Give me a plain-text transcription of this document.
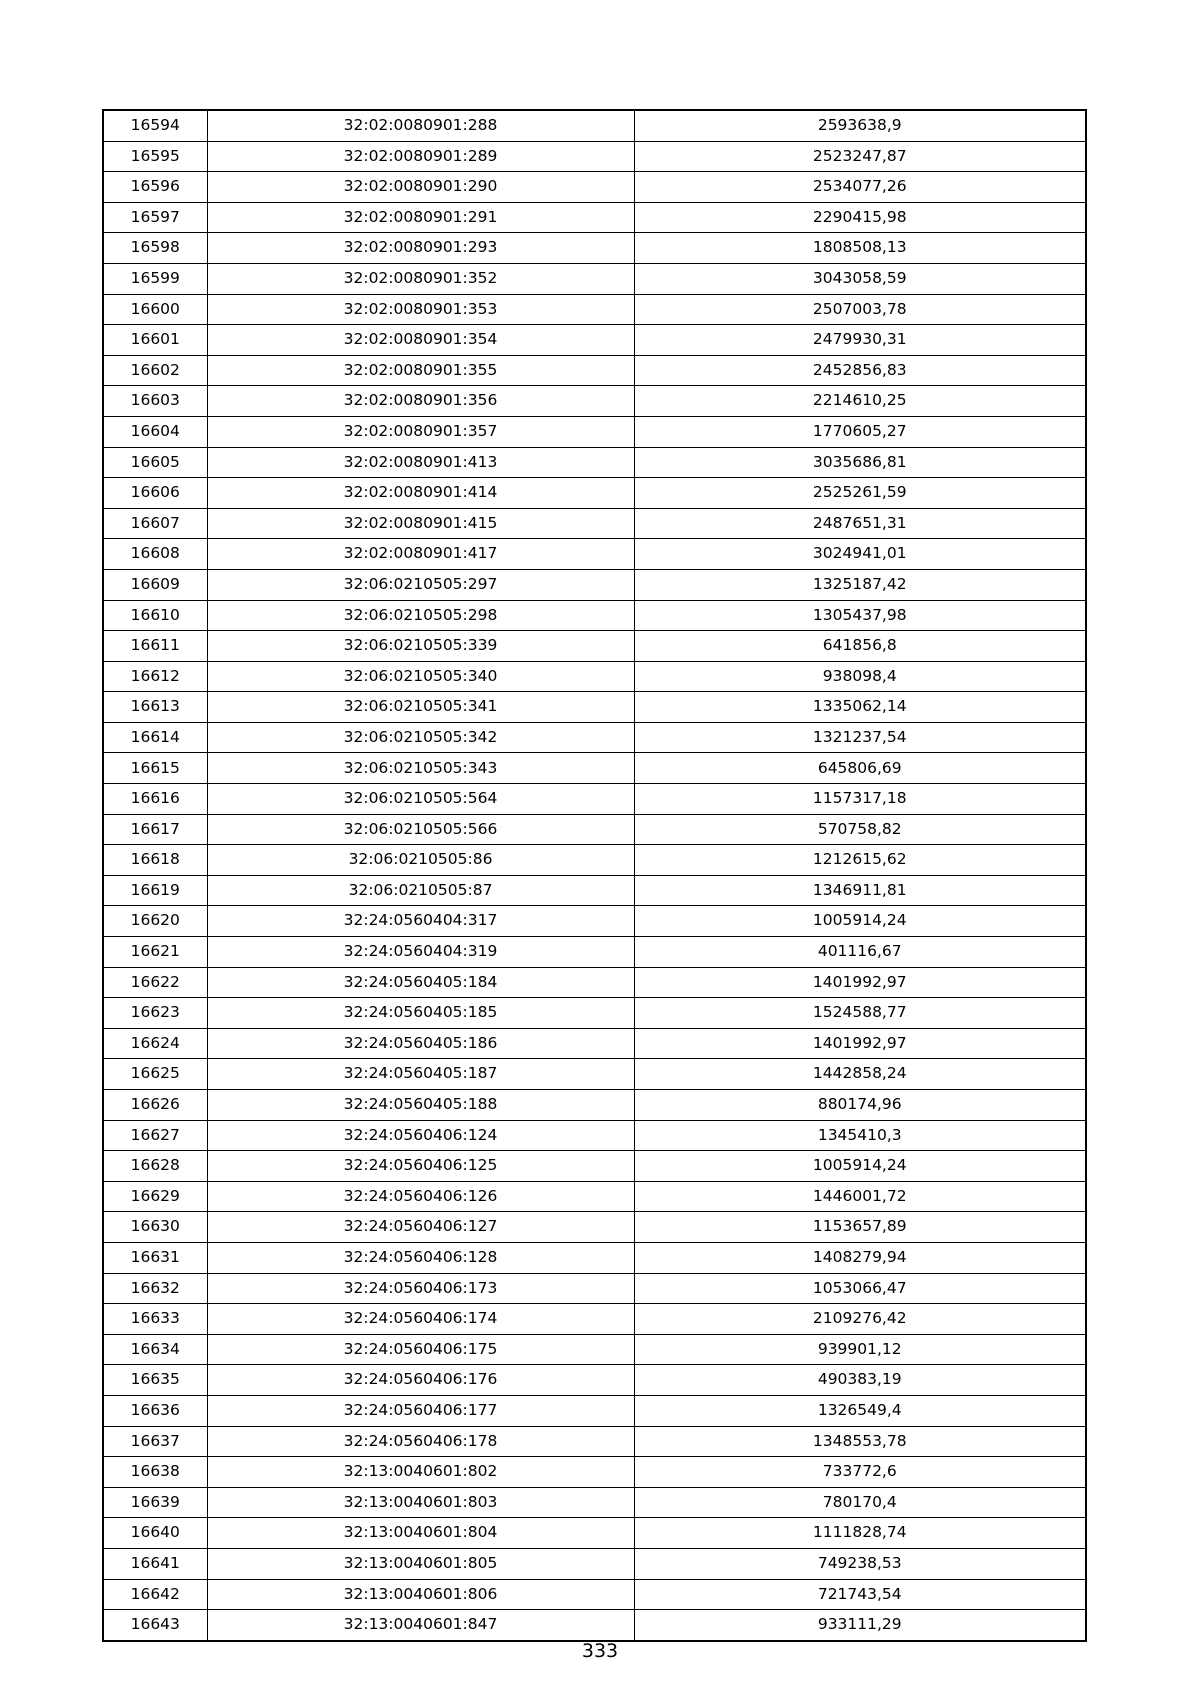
16594	32:02:0080901:288	2593638,9
16595	32:02:0080901:289	2523247,87
16596	32:02:0080901:290	2534077,26
16597	32:02:0080901:291	2290415,98
16598	32:02:0080901:293	1808508,13
16599	32:02:0080901:352	3043058,59
16600	32:02:0080901:353	2507003,78
16601	32:02:0080901:354	2479930,31
16602	32:02:0080901:355	2452856,83
16603	32:02:0080901:356	2214610,25
16604	32:02:0080901:357	1770605,27
16605	32:02:0080901:413	3035686,81
16606	32:02:0080901:414	2525261,59
16607	32:02:0080901:415	2487651,31
16608	32:02:0080901:417	3024941,01
16609	32:06:0210505:297	1325187,42
16610	32:06:0210505:298	1305437,98
16611	32:06:0210505:339	641856,8
16612	32:06:0210505:340	938098,4
16613	32:06:0210505:341	1335062,14
16614	32:06:0210505:342	1321237,54
16615	32:06:0210505:343	645806,69
16616	32:06:0210505:564	1157317,18
16617	32:06:0210505:566	570758,82
16618	32:06:0210505:86	1212615,62
16619	32:06:0210505:87	1346911,81
16620	32:24:0560404:317	1005914,24
16621	32:24:0560404:319	401116,67
16622	32:24:0560405:184	1401992,97
16623	32:24:0560405:185	1524588,77
16624	32:24:0560405:186	1401992,97
16625	32:24:0560405:187	1442858,24
16626	32:24:0560405:188	880174,96
16627	32:24:0560406:124	1345410,3
16628	32:24:0560406:125	1005914,24
16629	32:24:0560406:126	1446001,72
16630	32:24:0560406:127	1153657,89
16631	32:24:0560406:128	1408279,94
16632	32:24:0560406:173	1053066,47
16633	32:24:0560406:174	2109276,42
16634	32:24:0560406:175	939901,12
16635	32:24:0560406:176	490383,19
16636	32:24:0560406:177	1326549,4
16637	32:24:0560406:178	1348553,78
16638	32:13:0040601:802	733772,6
16639	32:13:0040601:803	780170,4
16640	32:13:0040601:804	1111828,74
16641	32:13:0040601:805	749238,53
16642	32:13:0040601:806	721743,54
16643	32:13:0040601:847	933111,29
333
